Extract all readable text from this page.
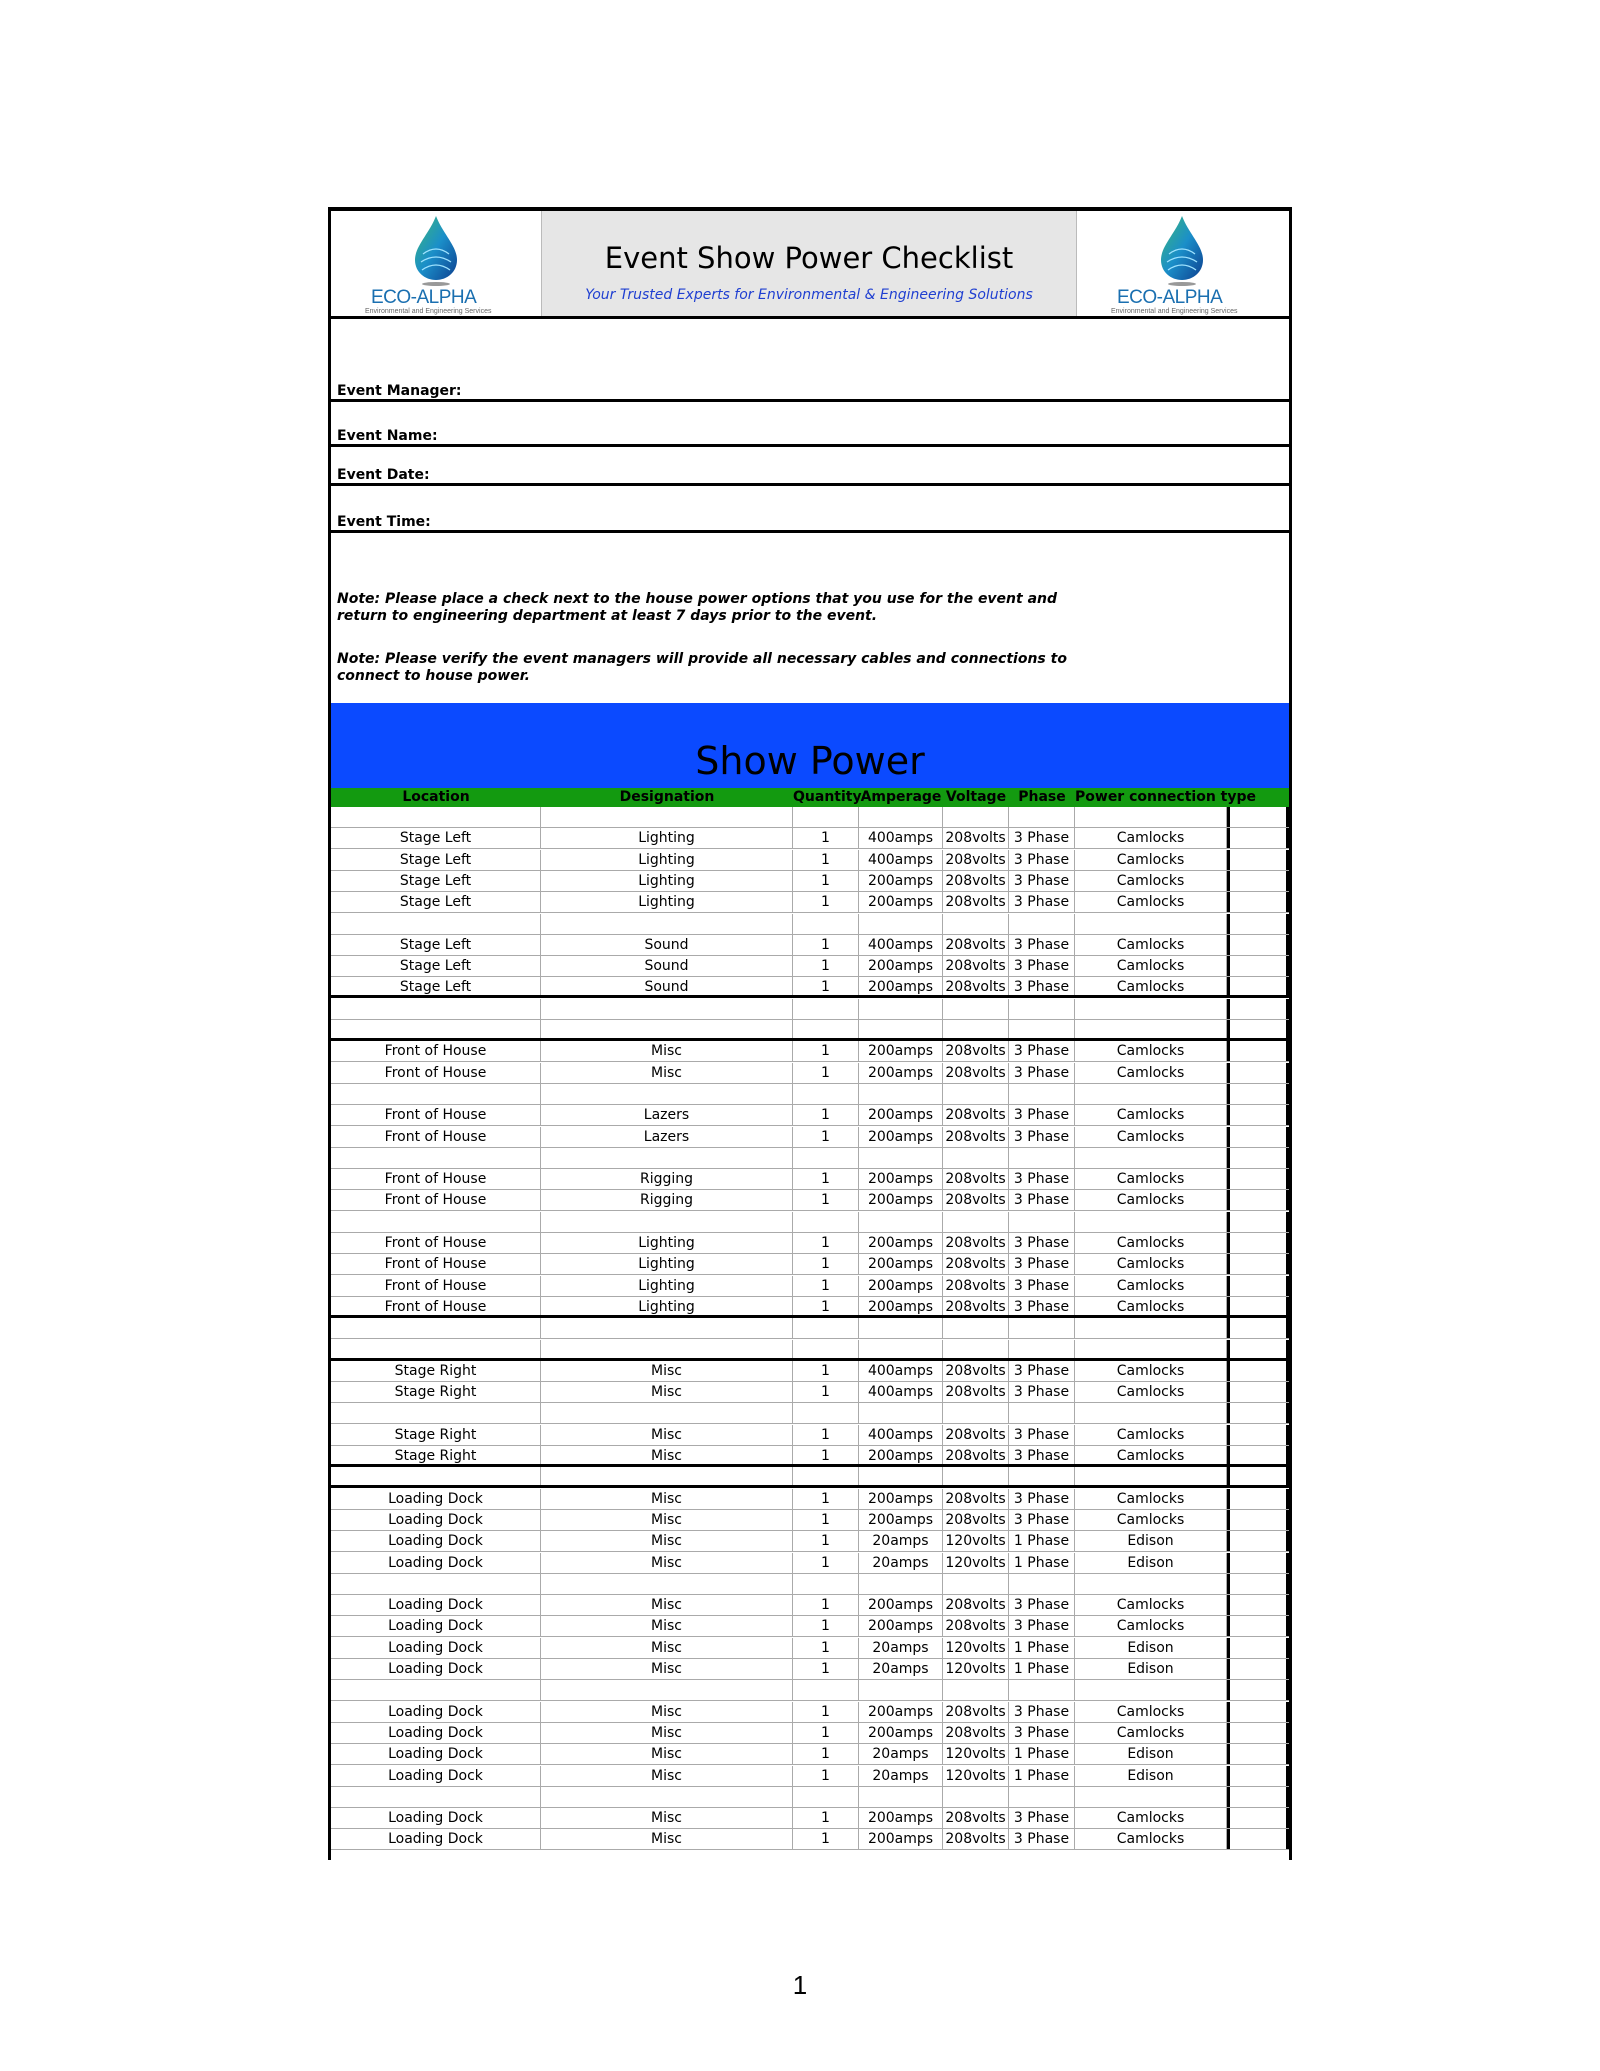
ECO-ALPHA
Environmental and Engineering Services
Event Show Power Checklist
Your Trusted Experts for Environmental & Engineering Solutions	ECO-ALPHA
Environmental and Engineering Services
Event Manager:
Event Name:
Event Date:
Event Time:
Note: Please place a check next to the house power options that you use for the event and return to engineering department at least 7 days prior to the event.
Note: Please verify the event managers will provide all necessary cables and connections to connect to house power.
Show Power
Location	Designation	Quantity Amperage Voltage Phase Power connection type
Stage Left	Lighting	1	400amps 208volts 3 Phase	Camlocks
Stage Left	Lighting	1	400amps 208volts 3 Phase	Camlocks
Stage Left	Lighting	1	200amps 208volts 3 Phase	Camlocks
Stage Left	Lighting	1	200amps 208volts 3 Phase	Camlocks
Stage Left	Sound	1	400amps 208volts 3 Phase	Camlocks
Stage Left	Sound	1	200amps 208volts 3 Phase	Camlocks
Stage Left	Sound	1	200amps 208volts 3 Phase	Camlocks
Front of House	Misc	1	200amps 208volts 3 Phase	Camlocks
Front of House	Misc	1	200amps 208volts 3 Phase	Camlocks
Front of House	Lazers	1	200amps 208volts 3 Phase	Camlocks
Front of House	Lazers	1	200amps 208volts 3 Phase	Camlocks
Front of House	Rigging	1	200amps 208volts 3 Phase	Camlocks
Front of House	Rigging	1	200amps 208volts 3 Phase	Camlocks
Front of House	Lighting	1	200amps 208volts 3 Phase	Camlocks
Front of House	Lighting	1	200amps 208volts 3 Phase	Camlocks
Front of House	Lighting	1	200amps 208volts 3 Phase	Camlocks
Front of House	Lighting	1	200amps 208volts 3 Phase	Camlocks
Stage Right	Misc	1	400amps 208volts 3 Phase	Camlocks
Stage Right	Misc	1	400amps 208volts 3 Phase	Camlocks
Stage Right	Misc	1	400amps 208volts 3 Phase	Camlocks
Stage Right	Misc	1	200amps 208volts 3 Phase	Camlocks
Loading Dock	Misc	1	200amps 208volts 3 Phase	Camlocks
Loading Dock	Misc	1	200amps 208volts 3 Phase	Camlocks
Loading Dock	Misc	1	20amps	120volts 1 Phase	Edison
Loading Dock	Misc	1	20amps	120volts 1 Phase	Edison
Loading Dock	Misc	1	200amps 208volts 3 Phase	Camlocks
Loading Dock	Misc	1	200amps 208volts 3 Phase	Camlocks
Loading Dock	Misc	1	20amps	120volts 1 Phase	Edison
Loading Dock	Misc	1	20amps	120volts 1 Phase	Edison
Loading Dock	Misc	1	200amps 208volts 3 Phase	Camlocks
Loading Dock	Misc	1	200amps 208volts 3 Phase	Camlocks
Loading Dock	Misc	1	20amps	120volts 1 Phase	Edison
Loading Dock	Misc	1	20amps	120volts 1 Phase	Edison
Loading Dock	Misc	1	200amps 208volts 3 Phase	Camlocks
Loading Dock	Misc	1	200amps 208volts 3 Phase	Camlocks
1
